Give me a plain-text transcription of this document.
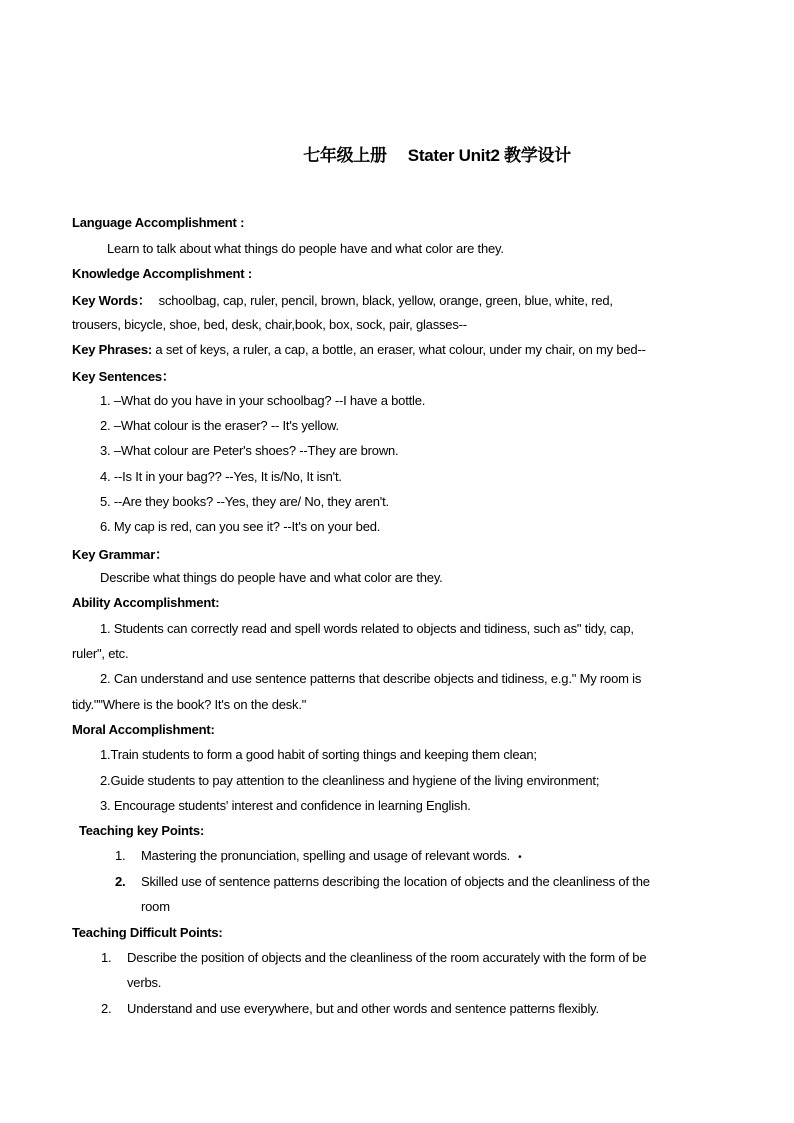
七年级上册　 Stater Unit2 教学设计
Language Accomplishment :
Learn to talk about what things do people have and what color are they.
Knowledge Accomplishment :
Key Words： schoolbag, cap, ruler, pencil, brown, black, yellow, orange, green, blue, white, red,
trousers, bicycle, shoe, bed, desk, chair,book, box, sock, pair, glasses--
Key Phrases: a set of keys, a ruler, a cap, a bottle, an eraser, what colour, under my chair, on my bed--
Key Sentences：
1. –What do you have in your schoolbag? --I have a bottle.
2. –What colour is the eraser? -- It's yellow.
3. –What colour are Peter's shoes? --They are brown.
4. --Is It in your bag?? --Yes, It is/No, It isn't.
5. --Are they books? --Yes, they are/ No, they aren't.
6. My cap is red, can you see it? --It's on your bed.
Key Grammar：
Describe what things do people have and what color are they.
Ability Accomplishment:
1. Students can correctly read and spell words related to objects and tidiness, such as" tidy, cap,
ruler", etc.
2. Can understand and use sentence patterns that describe objects and tidiness, e.g." My room is
tidy.""Where is the book? It's on the desk."
Moral Accomplishment:
1.Train students to form a good habit of sorting things and keeping them clean;
2.Guide students to pay attention to the cleanliness and hygiene of the living environment;
3. Encourage students' interest and confidence in learning English.
Teaching key Points:
1. Mastering the pronunciation, spelling and usage of relevant words. •
2. Skilled use of sentence patterns describing the location of objects and the cleanliness of the
room
Teaching Difficult Points:
1. Describe the position of objects and the cleanliness of the room accurately with the form of be
verbs.
2. Understand and use everywhere, but and other words and sentence patterns flexibly.
